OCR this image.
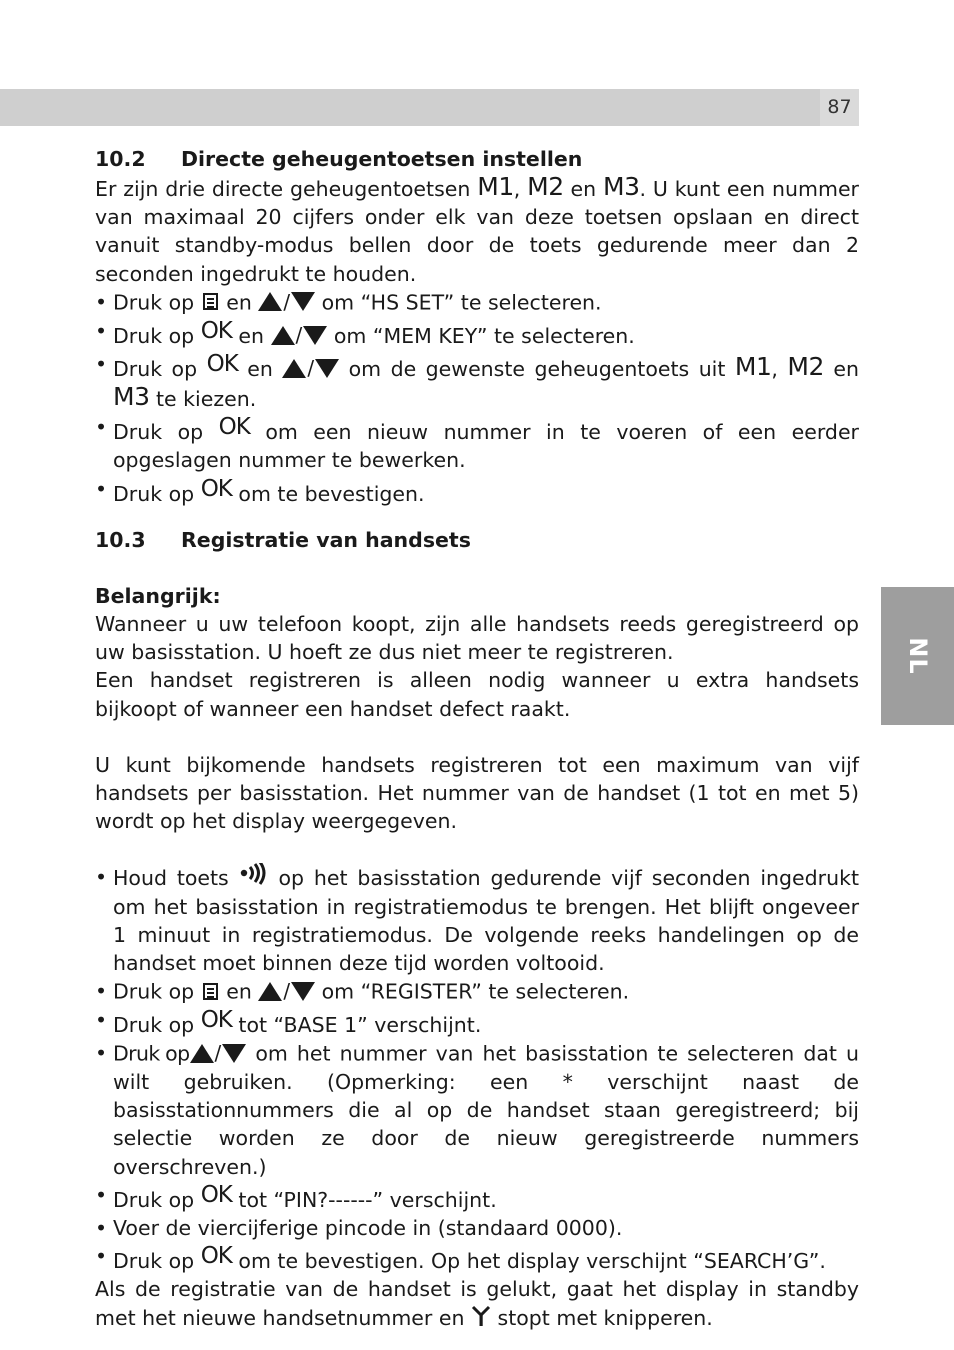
87
NL
10.2	Directe geheugentoetsen instellen

Er zijn drie directe geheugentoetsen M1, M2 en M3. U kunt een nummer van maximaal 20 cijfers onder elk van deze toetsen opslaan en direct vanuit standby-modus bellen door de toets gedurende meer dan 2 seconden ingedrukt te houden.

• Druk op en / om “HS SET” te selecteren.
• Druk op OK en / om “MEM KEY” te selecteren.
• Druk op OK en / om de gewenste geheugentoets uit M1, M2 en M3 te kiezen.
• Druk op OK om een nieuw nummer in te voeren of een eerder opgeslagen nummer te bewerken.
• Druk op OK om te bevestigen.
10.3	Registratie van handsets

Belangrijk:

Wanneer u uw telefoon koopt, zijn alle handsets reeds geregistreerd op uw basisstation. U hoeft ze dus niet meer te registreren.

Een handset registreren is alleen nodig wanneer u extra handsets bijkoopt of wanneer een handset defect raakt.

U kunt bijkomende handsets registreren tot een maximum van vijf handsets per basisstation. Het nummer van de handset (1 tot en met 5) wordt op het display weergegeven.

• Houd toets op het basisstation gedurende vijf seconden ingedrukt om het basisstation in registratiemodus te brengen. Het blijft ongeveer 1 minuut in registratiemodus. De volgende reeks handelingen op de handset moet binnen deze tijd worden voltooid.
• Druk op en / om “REGISTER” te selecteren.
• Druk op OK tot “BASE 1” verschijnt.
• Druk op / om het nummer van het basisstation te selecteren dat u wilt gebruiken. (Opmerking: een * verschijnt naast de basisstationnummers die al op de handset staan geregistreerd; bij selectie worden ze door de nieuw geregistreerde nummers overschreven.)
• Druk op OK tot “PIN?------” verschijnt.
• Voer de viercijferige pincode in (standaard 0000).
• Druk op OK om te bevestigen. Op het display verschijnt “SEARCH’G”.

Als de registratie van de handset is gelukt, gaat het display in standby met het nieuwe handsetnummer en stopt met knipperen.
